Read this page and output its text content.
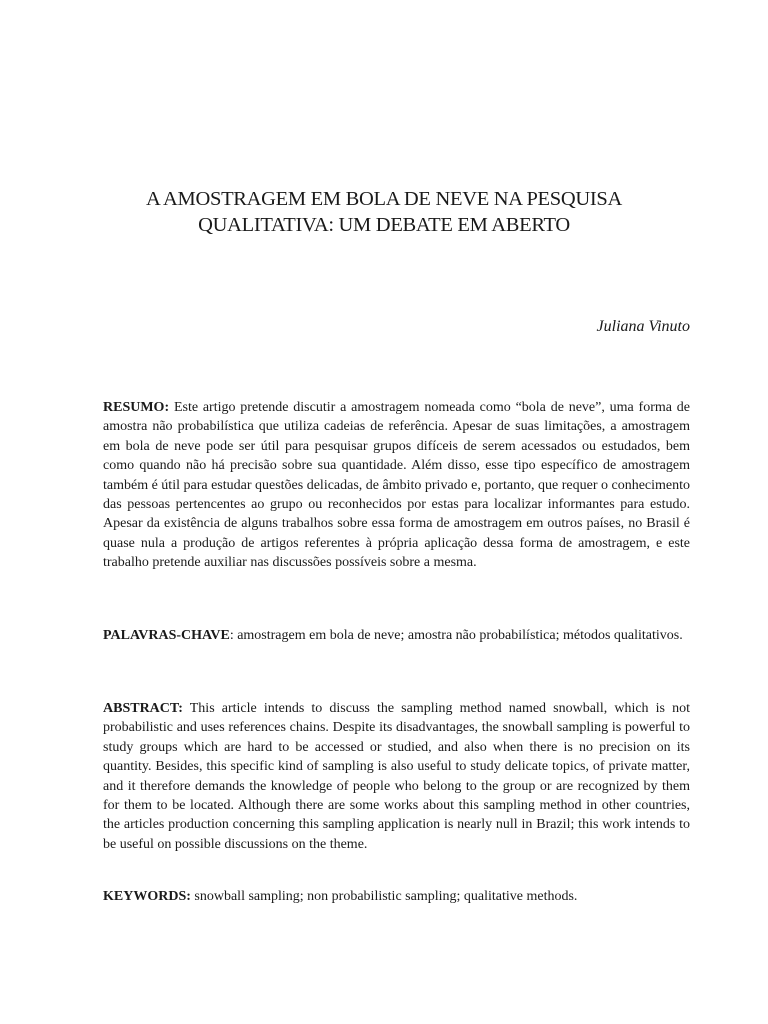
A AMOSTRAGEM EM BOLA DE NEVE NA PESQUISA
QUALITATIVA: UM DEBATE EM ABERTO

Juliana Vinuto

RESUMO: Este artigo pretende discutir a amostragem nomeada como “bola de neve”, uma forma de amostra não probabilística que utiliza cadeias de referência. Apesar de suas limitações, a amostragem em bola de neve pode ser útil para pesquisar grupos difíceis de serem acessados ou estudados, bem como quando não há precisão sobre sua quantidade. Além disso, esse tipo específico de amostragem também é útil para estudar questões delicadas, de âmbito privado e, portanto, que requer o conhecimento das pessoas pertencentes ao grupo ou reconhecidos por estas para localizar informantes para estudo. Apesar da existência de alguns trabalhos sobre essa forma de amostragem em outros países, no Brasil é quase nula a produção de artigos referentes à própria aplicação dessa forma de amostragem, e este trabalho pretende auxiliar nas discussões possíveis sobre a mesma.

PALAVRAS-CHAVE: amostragem em bola de neve; amostra não probabilística; métodos qualitativos.

ABSTRACT: This article intends to discuss the sampling method named snowball, which is not probabilistic and uses references chains. Despite its disadvantages, the snowball sampling is powerful to study groups which are hard to be accessed or studied, and also when there is no precision on its quantity. Besides, this specific kind of sampling is also useful to study delicate topics, of private matter, and it therefore demands the knowledge of people who belong to the group or are recognized by them for them to be located. Although there are some works about this sampling method in other countries, the articles production concerning this sampling application is nearly null in Brazil; this work intends to be useful on possible discussions on the theme.

KEYWORDS: snowball sampling; non probabilistic sampling; qualitative methods.
